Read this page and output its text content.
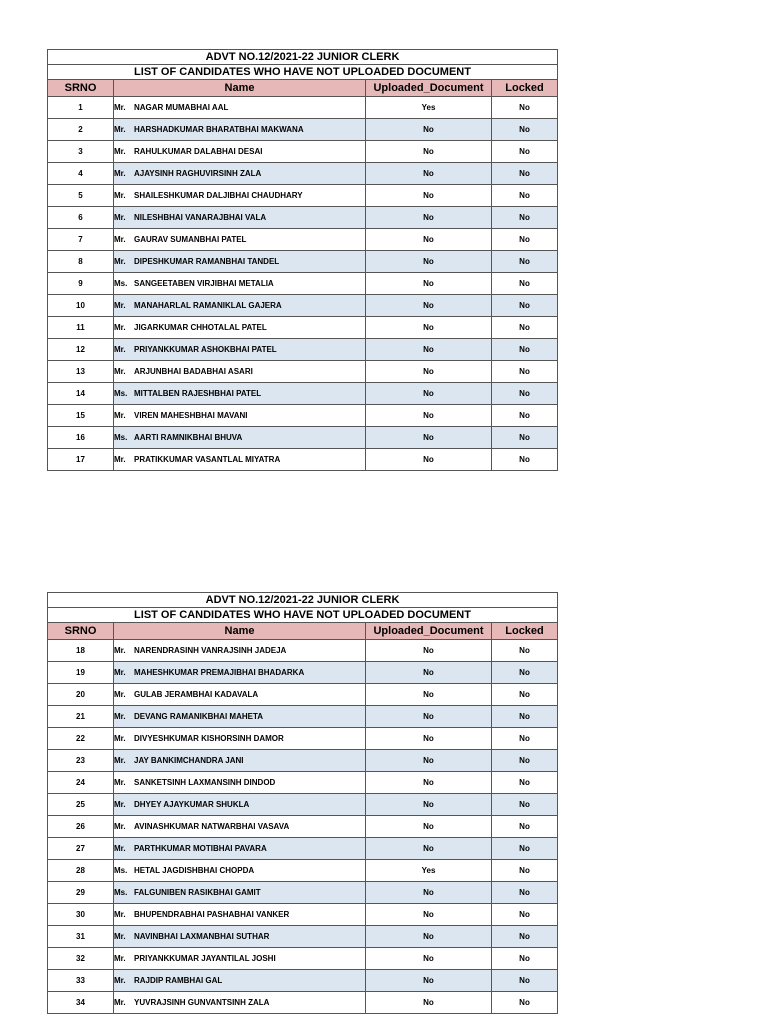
ADVT NO.12/2021-22 JUNIOR CLERK			
LIST OF CANDIDATES WHO HAVE NOT UPLOADED DOCUMENT			
SRNO	Name	Uploaded_Document	Locked
1	Mr. NAGAR MUMABHAI AAL	Yes	No
2	Mr. HARSHADKUMAR BHARATBHAI MAKWANA	No	No
3	Mr. RAHULKUMAR DALABHAI DESAI	No	No
4	Mr. AJAYSINH RAGHUVIRSINH ZALA	No	No
5	Mr. SHAILESHKUMAR DALJIBHAI CHAUDHARY	No	No
6	Mr. NILESHBHAI VANARAJBHAI VALA	No	No
7	Mr. GAURAV SUMANBHAI PATEL	No	No
8	Mr. DIPESHKUMAR RAMANBHAI TANDEL	No	No
9	Ms. SANGEETABEN VIRJIBHAI METALIA	No	No
10	Mr. MANAHARLAL RAMANIKLAL GAJERA	No	No
11	Mr. JIGARKUMAR CHHOTALAL PATEL	No	No
12	Mr. PRIYANKKUMAR ASHOKBHAI PATEL	No	No
13	Mr. ARJUNBHAI BADABHAI ASARI	No	No
14	Ms. MITTALBEN RAJESHBHAI PATEL	No	No
15	Mr. VIREN MAHESHBHAI MAVANI	No	No
16	Ms. AARTI RAMNIKBHAI BHUVA	No	No
17	Mr. PRATIKKUMAR VASANTLAL MIYATRA	No	No
ADVT NO.12/2021-22 JUNIOR CLERK			
LIST OF CANDIDATES WHO HAVE NOT UPLOADED DOCUMENT			
SRNO	Name	Uploaded_Document	Locked
18	Mr. NARENDRASINH VANRAJSINH JADEJA	No	No
19	Mr. MAHESHKUMAR PREMAJIBHAI BHADARKA	No	No
20	Mr. GULAB JERAMBHAI KADAVALA	No	No
21	Mr. DEVANG RAMANIKBHAI MAHETA	No	No
22	Mr. DIVYESHKUMAR KISHORSINH DAMOR	No	No
23	Mr. JAY BANKIMCHANDRA JANI	No	No
24	Mr. SANKETSINH LAXMANSINH DINDOD	No	No
25	Mr. DHYEY AJAYKUMAR SHUKLA	No	No
26	Mr. AVINASHKUMAR NATWARBHAI VASAVA	No	No
27	Mr. PARTHKUMAR MOTIBHAI PAVARA	No	No
28	Ms. HETAL JAGDISHBHAI CHOPDA	Yes	No
29	Ms. FALGUNIBEN RASIKBHAI GAMIT	No	No
30	Mr. BHUPENDRABHAI PASHABHAI VANKER	No	No
31	Mr. NAVINBHAI LAXMANBHAI SUTHAR	No	No
32	Mr. PRIYANKKUMAR JAYANTILAL JOSHI	No	No
33	Mr. RAJDIP RAMBHAI GAL	No	No
34	Mr. YUVRAJSINH GUNVANTSINH ZALA	No	No
